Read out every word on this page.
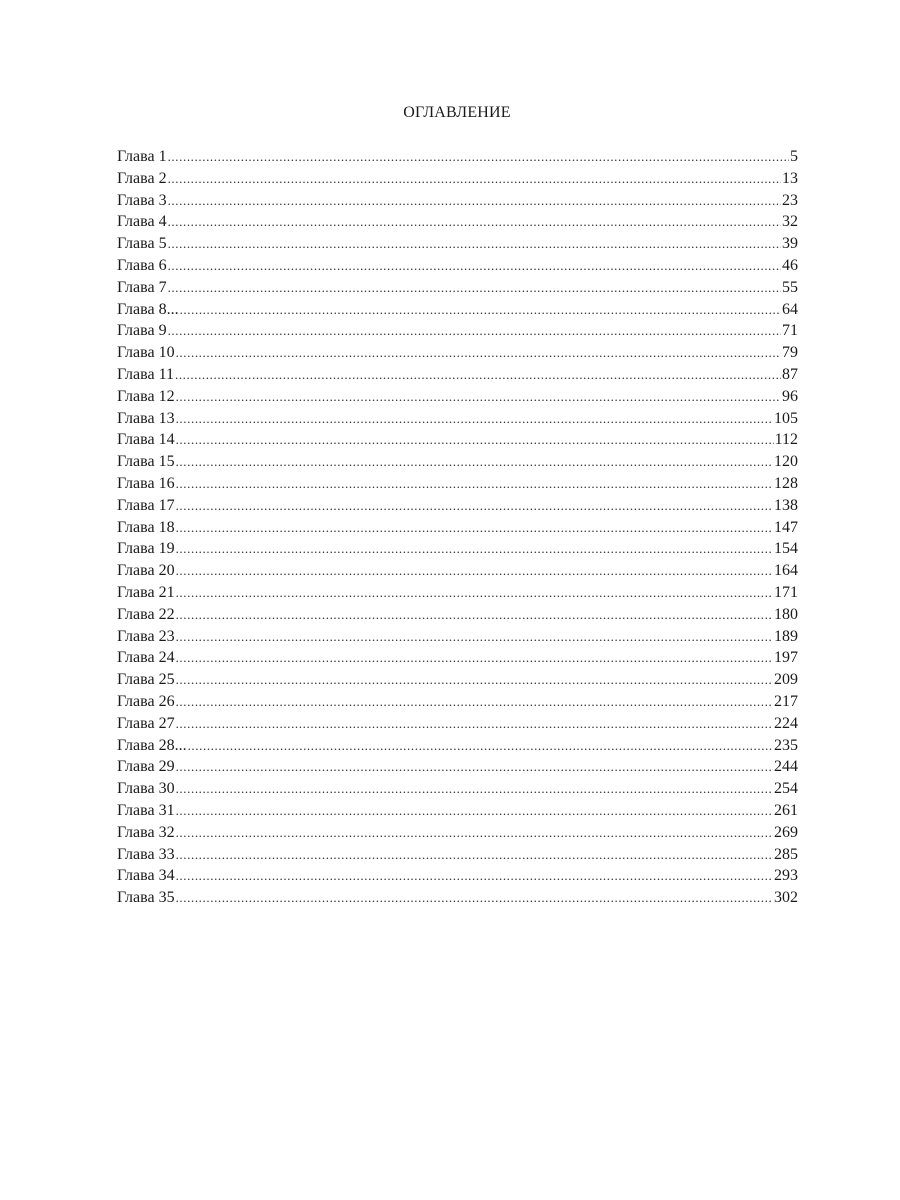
ОГЛАВЛЕНИЕ
Глава 1 .....	5
Глава 2 .....	13
Глава 3 .....	23
Глава 4 .....	32
Глава 5 .....	39
Глава 6 .....	46
Глава 7 .....	55
Глава 8... .....	64
Глава 9 .....	71
Глава 10 .....	79
Глава 11 .....	87
Глава 12 .....	96
Глава 13 .....	105
Глава 14 .....	112
Глава 15 .....	120
Глава 16 .....	128
Глава 17 .....	138
Глава 18 .....	147
Глава 19 .....	154
Глава 20 .....	164
Глава 21 .....	171
Глава 22 .....	180
Глава 23 .....	189
Глава 24 .....	197
Глава 25 .....	209
Глава 26 .....	217
Глава 27 .....	224
Глава 28... .....	235
Глава 29 .....	244
Глава 30 .....	254
Глава 31 .....	261
Глава 32 .....	269
Глава 33 .....	285
Глава 34 .....	293
Глава 35 .....	302
